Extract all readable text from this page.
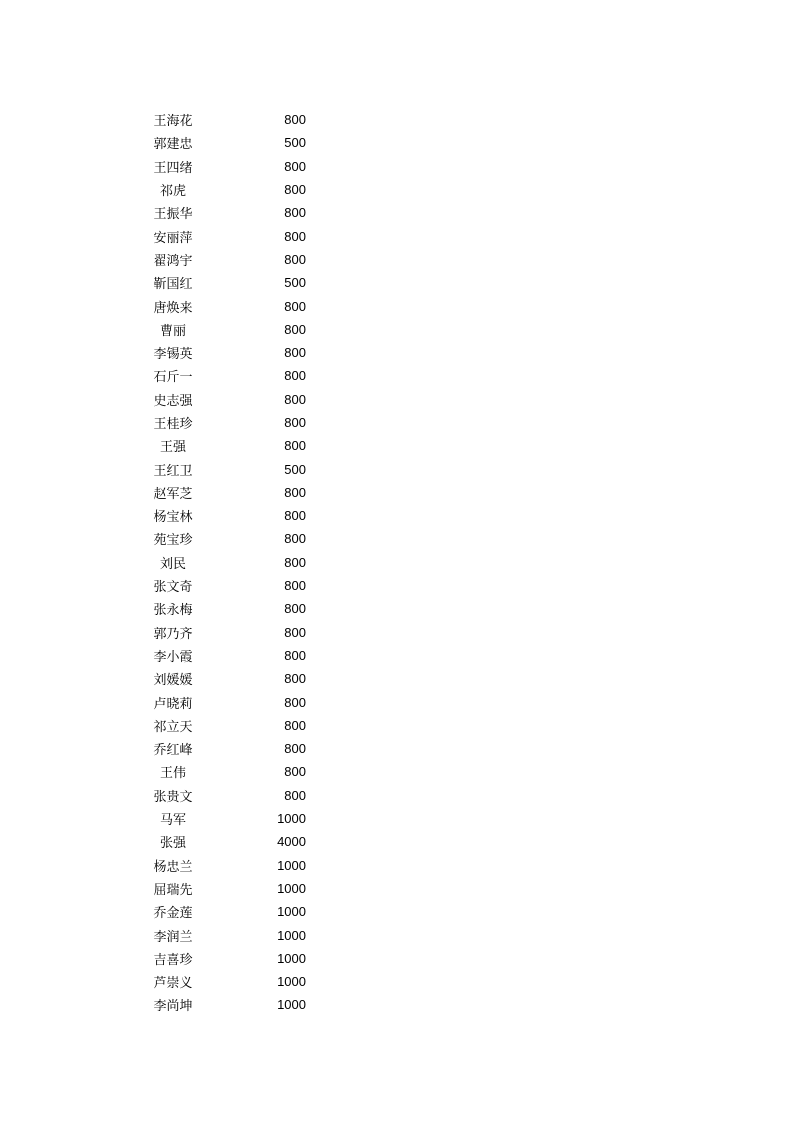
王海花	800
郭建忠	500
王四绪	800
祁虎	800
王振华	800
安丽萍	800
翟鸿宇	800
靳国红	500
唐焕来	800
曹丽	800
李锡英	800
石斤一	800
史志强	800
王桂珍	800
王强	800
王红卫	500
赵军芝	800
杨宝林	800
苑宝珍	800
刘民	800
张文奇	800
张永梅	800
郭乃齐	800
李小霞	800
刘媛媛	800
卢晓莉	800
祁立天	800
乔红峰	800
王伟	800
张贵文	800
马军	1000
张强	4000
杨忠兰	1000
屈瑞先	1000
乔金莲	1000
李润兰	1000
吉喜珍	1000
芦崇义	1000
李尚坤	1000
